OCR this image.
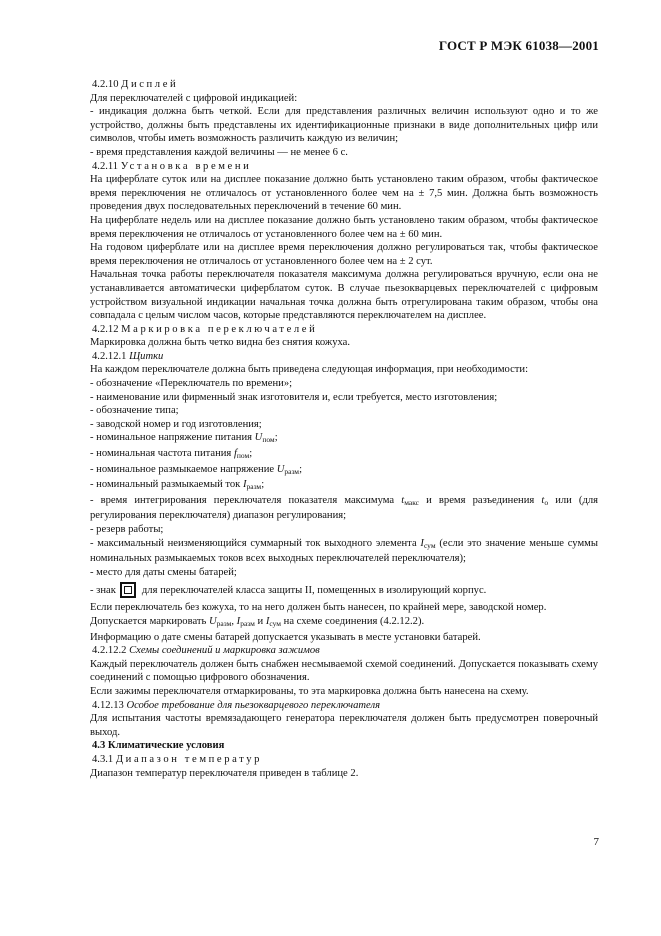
ГОСТ Р МЭК 61038—2001

4.2.10 Дисплей

Для переключателей с цифровой индикацией:

- индикация должна быть четкой. Если для представления различных величин используют одно и то же устройство, должны быть представлены их идентификационные признаки в виде дополнительных цифр или символов, чтобы иметь возможность различить каждую из величин;

- время представления каждой величины — не менее 6 с.

4.2.11 Установка времени

На циферблате суток или на дисплее показание должно быть установлено таким образом, чтобы фактическое время переключения не отличалось от установленного более чем на ± 7,5 мин. Должна быть возможность проведения двух последовательных переключений в течение 60 мин.

На циферблате недель или на дисплее показание должно быть установлено таким образом, чтобы фактическое время переключения не отличалось от установленного более чем на ± 60 мин.

На годовом циферблате или на дисплее время переключения должно регулироваться так, чтобы фактическое время переключения не отличалось от установленного более чем на ± 2 сут.

Начальная точка работы переключателя показателя максимума должна регулироваться вручную, если она не устанавливается автоматически циферблатом суток. В случае пьезокварцевых переключателей с цифровым устройством визуальной индикации начальная точка должна быть отрегулирована таким образом, чтобы она совпадала с целым числом часов, которые представляются переключателем на дисплее.

4.2.12 Маркировка переключателей

Маркировка должна быть четко видна без снятия кожуха.

4.2.12.1 Щитки

На каждом переключателе должна быть приведена следующая информация, при необходимости:

- обозначение «Переключатель по времени»;

- наименование или фирменный знак изготовителя и, если требуется, место изготовления;

- обозначение типа;

- заводской номер и год изготовления;

- номинальное напряжение питания $U_{пом}$;

- номинальная частота питания $f_{пом}$;

- номинальное размыкаемое напряжение $U_{разм}$;

- номинальный размыкаемый ток $I_{разм}$;

- время интегрирования переключателя показателя максимума $t_{макс}$ и время разъединения $t_о$ или (для регулирования переключателя) диапазон регулирования;

- резерв работы;

- максимальный неизменяющийся суммарный ток выходного элемента $I_{сум}$ (если это значение меньше суммы номинальных размыкаемых токов всех выходных переключателей переключателя);

- место для даты смены батарей;

- знак для переключателей класса защиты II, помещенных в изолирующий корпус.

Если переключатель без кожуха, то на него должен быть нанесен, по крайней мере, заводской номер.

Допускается маркировать $U_{разм}$, $I_{разм}$ и $I_{сум}$ на схеме соединения (4.2.12.2).

Информацию о дате смены батарей допускается указывать в месте установки батарей.

4.2.12.2 Схемы соединений и маркировка зажимов

Каждый переключатель должен быть снабжен несмываемой схемой соединений. Допускается показывать схему соединений с помощью цифрового обозначения.

Если зажимы переключателя отмаркированы, то эта маркировка должна быть нанесена на схему.

4.12.13 Особое требование для пьезокварцевого переключателя

Для испытания частоты времязадающего генератора переключателя должен быть предусмотрен поверочный выход.

4.3 Климатические условия

4.3.1 Диапазон температур

Диапазон температур переключателя приведен в таблице 2.

7
